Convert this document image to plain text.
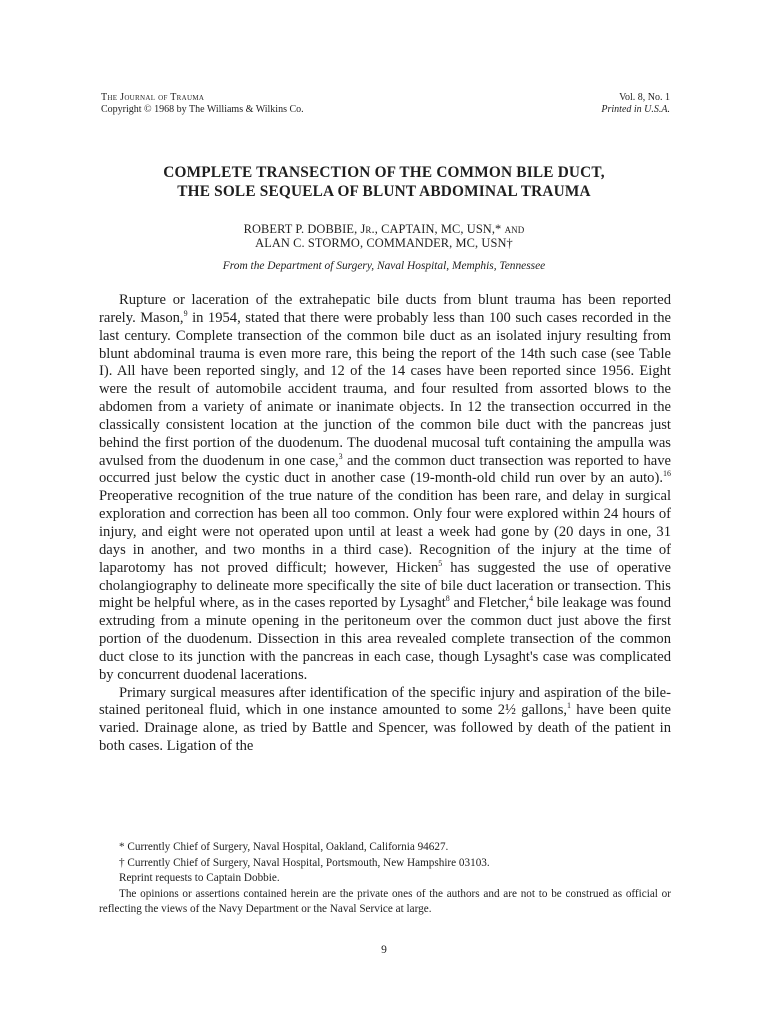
The Journal of Trauma
Copyright © 1968 by The Williams & Wilkins Co.
Vol. 8, No. 1
Printed in U.S.A.
COMPLETE TRANSECTION OF THE COMMON BILE DUCT,
THE SOLE SEQUELA OF BLUNT ABDOMINAL TRAUMA
ROBERT P. DOBBIE, Jr., CAPTAIN, MC, USN,* and
ALAN C. STORMO, COMMANDER, MC, USN†
From the Department of Surgery, Naval Hospital, Memphis, Tennessee

Rupture or laceration of the extrahepatic bile ducts from blunt trauma has been reported rarely. Mason,$^9$ in 1954, stated that there were probably less than 100 such cases recorded in the last century. Complete transection of the common bile duct as an isolated injury resulting from blunt abdominal trauma is even more rare, this being the report of the 14th such case (see Table I). All have been reported singly, and 12 of the 14 cases have been reported since 1956. Eight were the result of automobile accident trauma, and four resulted from assorted blows to the abdomen from a variety of animate or inanimate objects. In 12 the transection occurred in the classically consistent location at the junction of the common bile duct with the pancreas just behind the first portion of the duodenum. The duodenal mucosal tuft containing the ampulla was avulsed from the duodenum in one case,$^3$ and the common duct transection was reported to have occurred just below the cystic duct in another case (19-month-old child run over by an auto).$^{16}$ Preoperative recognition of the true nature of the condition has been rare, and delay in surgical exploration and correction has been all too common. Only four were explored within 24 hours of injury, and eight were not operated upon until at least a week had gone by (20 days in one, 31 days in another, and two months in a third case). Recognition of the injury at the time of laparotomy has not proved difficult; however, Hicken$^5$ has suggested the use of operative cholangiography to delineate more specifically the site of bile duct laceration or transection. This might be helpful where, as in the cases reported by Lysaght$^8$ and Fletcher,$^4$ bile leakage was found extruding from a minute opening in the peritoneum over the common duct just above the first portion of the duodenum. Dissection in this area revealed complete transection of the common duct close to its junction with the pancreas in each case, though Lysaght's case was complicated by concurrent duodenal lacerations.

Primary surgical measures after identification of the specific injury and aspiration of the bile-stained peritoneal fluid, which in one instance amounted to some 2½ gallons,$^1$ have been quite varied. Drainage alone, as tried by Battle and Spencer, was followed by death of the patient in both cases. Ligation of the

* Currently Chief of Surgery, Naval Hospital, Oakland, California 94627.

† Currently Chief of Surgery, Naval Hospital, Portsmouth, New Hampshire 03103.

Reprint requests to Captain Dobbie.

The opinions or assertions contained herein are the private ones of the authors and are not to be construed as official or reflecting the views of the Navy Department or the Naval Service at large.

9
